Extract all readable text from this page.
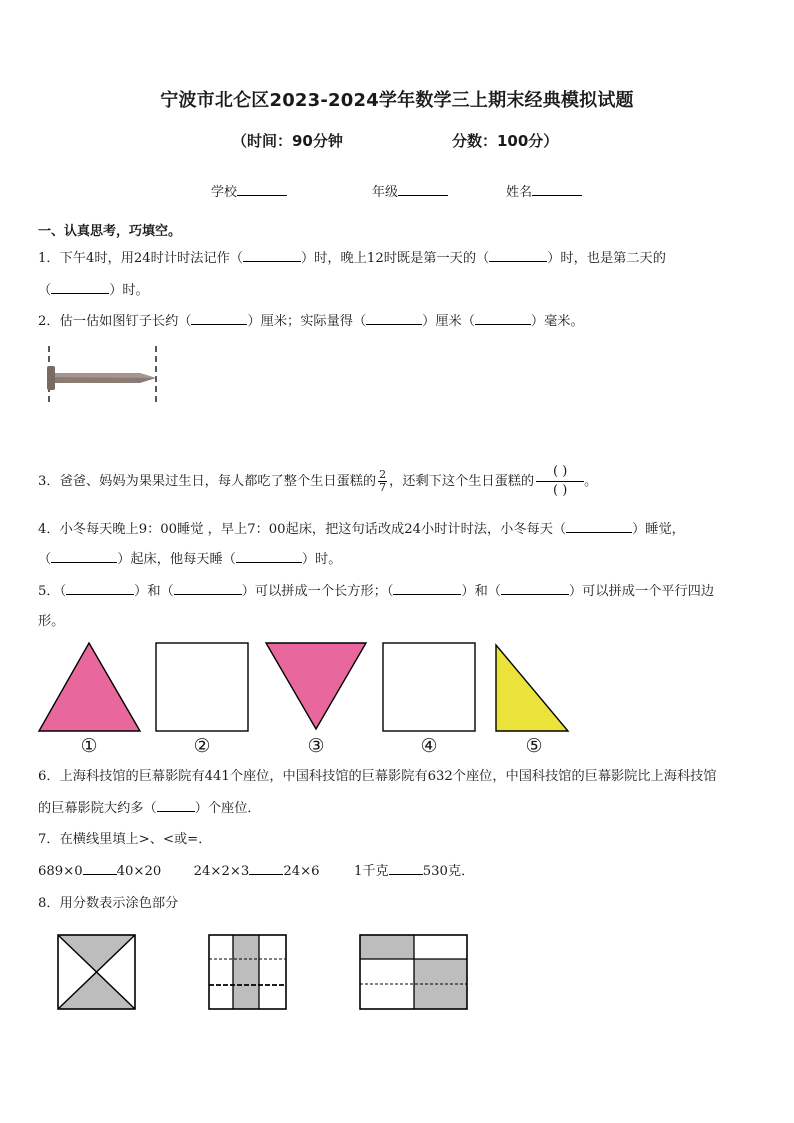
宁波市北仑区2023-2024学年数学三上期末经典模拟试题
（时间：90分钟	分数：100分）
学校	年级	姓名
一、认真思考，巧填空。
1．下午4时，用24时计时法记作（	）时，晚上12时既是第一天的（	）时，也是第二天的
（	）时。
2．估一估如图钉子长约（	）厘米；实际量得（	）厘米（	）毫米。
3．爸爸、妈妈为果果过生日，每人都吃了整个生日蛋糕的 $\frac{2}{7}$ ，还剩下这个生日蛋糕的 $\frac{( )}{( )}$ 。
4．小冬每天晚上9：00睡觉 ，早上7：00起床，把这句话改成24小时计时法，小冬每天（	）睡觉，
（	）起床，他每天睡（	）时。
5．（	）和（	）可以拼成一个长方形；（	）和（	）可以拼成一个平行四边
形。
①	②	③	④	⑤
6．上海科技馆的巨幕影院有441个座位，中国科技馆的巨幕影院有632个座位，中国科技馆的巨幕影院比上海科技馆
的巨幕影院大约多（	）个座位．
7．在横线里填上>、<或=．
689×0	40×20 24×2×3	24×6	1千克	530克．
8．用分数表示涂色部分
